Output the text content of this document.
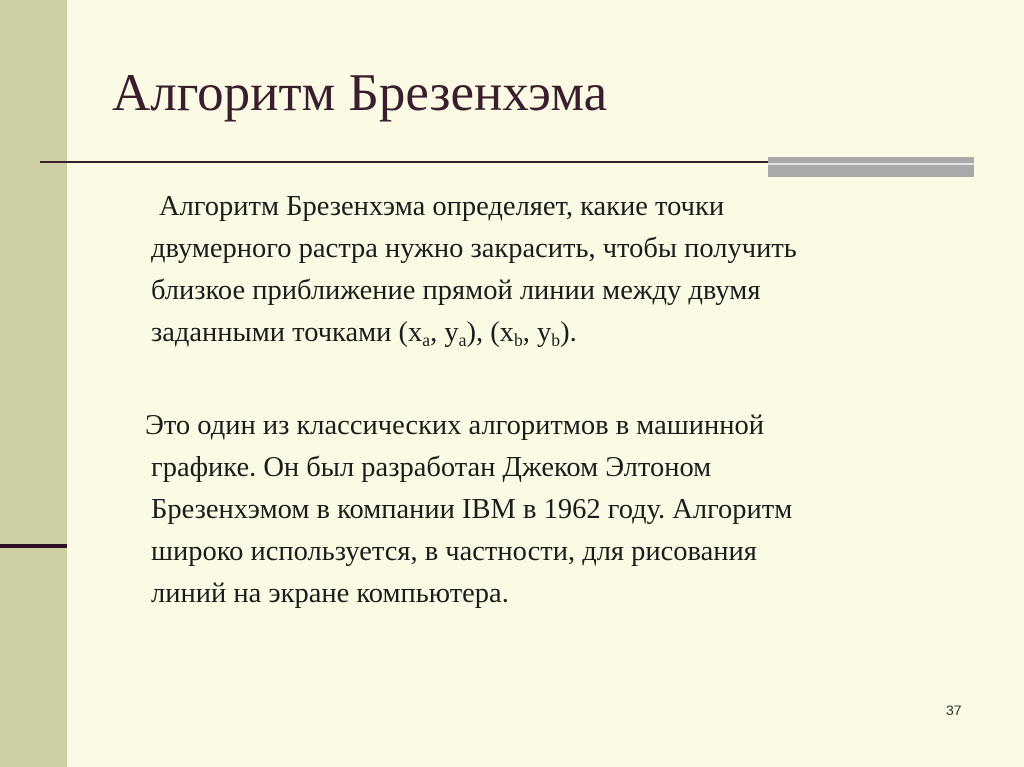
Алгоритм Брезенхэма

Алгоритм Брезенхэма определяет, какие точки
двумерного растра нужно закрасить, чтобы получить
близкое приближение прямой линии между двумя
заданными точками ($x_a$, $y_a$), ($x_b$, $y_b$).

Это один из классических алгоритмов в машинной
графике. Он был разработан Джеком Элтоном
Брезенхэмом в компании IBM в 1962 году. Алгоритм
широко используется, в частности, для рисования
линий на экране компьютера.

37
